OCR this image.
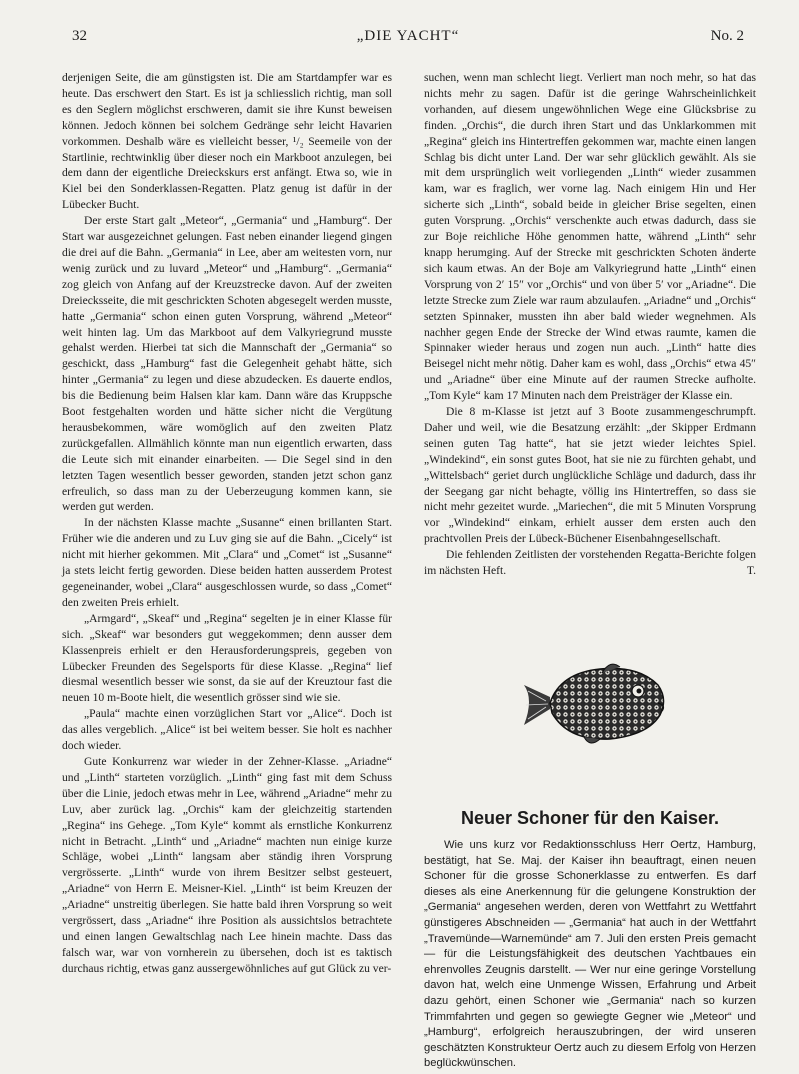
32	„DIE YACHT“	No. 2

derjenigen Seite, die am günstigsten ist. Die am Startdampfer war es heute. Das erschwert den Start. Es ist ja schliesslich richtig, man soll es den Seglern möglichst erschweren, damit sie ihre Kunst beweisen können. Jedoch können bei solchem Gedränge sehr leicht Havarien vorkommen. Deshalb wäre es vielleicht besser, ¹/₂ Seemeile von der Startlinie, rechtwinklig über dieser noch ein Markboot anzulegen, bei dem dann der eigentliche Dreieckskurs erst anfängt. Etwa so, wie in Kiel bei den Sonderklassen-Regatten. Platz genug ist dafür in der Lübecker Bucht.

Der erste Start galt „Meteor“, „Germania“ und „Hamburg“. Der Start war ausgezeichnet gelungen. Fast neben einander liegend gingen die drei auf die Bahn. „Germania“ in Lee, aber am weitesten vorn, nur wenig zurück und zu luvard „Meteor“ und „Hamburg“. „Germania“ zog gleich von Anfang auf der Kreuzstrecke davon. Auf der zweiten Dreiecksseite, die mit geschrickten Schoten abgesegelt werden musste, hatte „Germania“ schon einen guten Vorsprung, während „Meteor“ weit hinten lag. Um das Markboot auf dem Valkyriegrund musste gehalst werden. Hierbei tat sich die Mannschaft der „Germania“ so geschickt, dass „Hamburg“ fast die Gelegenheit gehabt hätte, sich hinter „Germania“ zu legen und diese abzudecken. Es dauerte endlos, bis die Bedienung beim Halsen klar kam. Dann wäre das Kruppsche Boot festgehalten worden und hätte sicher nicht die Vergütung herausbekommen, wäre womöglich auf den zweiten Platz zurückgefallen. Allmählich könnte man nun eigentlich erwarten, dass die Leute sich mit einander einarbeiten. — Die Segel sind in den letzten Tagen wesentlich besser geworden, standen jetzt schon ganz erfreulich, so dass man zu der Ueberzeugung kommen kann, sie werden gut werden.

In der nächsten Klasse machte „Susanne“ einen brillanten Start. Früher wie die anderen und zu Luv ging sie auf die Bahn. „Cicely“ ist nicht mit hierher gekommen. Mit „Clara“ und „Comet“ ist „Susanne“ ja stets leicht fertig geworden. Diese beiden hatten ausserdem Protest gegeneinander, wobei „Clara“ ausgeschlossen wurde, so dass „Comet“ den zweiten Preis erhielt.

„Armgard“, „Skeaf“ und „Regina“ segelten je in einer Klasse für sich. „Skeaf“ war besonders gut weggekommen; denn ausser dem Klassenpreis erhielt er den Herausforderungspreis, gegeben von Lübecker Freunden des Segelsports für diese Klasse. „Regina“ lief diesmal wesentlich besser wie sonst, da sie auf der Kreuztour fast die neuen 10 m-Boote hielt, die wesentlich grösser sind wie sie.

„Paula“ machte einen vorzüglichen Start vor „Alice“. Doch ist das alles vergeblich. „Alice“ ist bei weitem besser. Sie holt es nachher doch wieder.

Gute Konkurrenz war wieder in der Zehner-Klasse. „Ariadne“ und „Linth“ starteten vorzüglich. „Linth“ ging fast mit dem Schuss über die Linie, jedoch etwas mehr in Lee, während „Ariadne“ mehr zu Luv, aber zurück lag. „Orchis“ kam der gleichzeitig startenden „Regina“ ins Gehege. „Tom Kyle“ kommt als ernstliche Konkurrenz nicht in Betracht. „Linth“ und „Ariadne“ machten nun einige kurze Schläge, wobei „Linth“ langsam aber ständig ihren Vorsprung vergrösserte. „Linth“ wurde von ihrem Besitzer selbst gesteuert, „Ariadne“ von Herrn E. Meisner-Kiel. „Linth“ ist beim Kreuzen der „Ariadne“ unstreitig überlegen. Sie hatte bald ihren Vorsprung so weit vergrössert, dass „Ariadne“ ihre Position als aussichtslos betrachtete und einen langen Gewaltschlag nach Lee hinein machte. Dass das falsch war, war von vornherein zu übersehen, doch ist es taktisch durchaus richtig, etwas ganz aussergewöhnliches auf gut Glück zu ver-

suchen, wenn man schlecht liegt. Verliert man noch mehr, so hat das nichts mehr zu sagen. Dafür ist die geringe Wahrscheinlichkeit vorhanden, auf diesem ungewöhnlichen Wege eine Glücksbrise zu finden. „Orchis“, die durch ihren Start und das Unklarkommen mit „Regina“ gleich ins Hintertreffen gekommen war, machte einen langen Schlag bis dicht unter Land. Der war sehr glücklich gewählt. Als sie mit dem ursprünglich weit vorliegenden „Linth“ wieder zusammen kam, war es fraglich, wer vorne lag. Nach einigem Hin und Her sicherte sich „Linth“, sobald beide in gleicher Brise segelten, einen guten Vorsprung. „Orchis“ verschenkte auch etwas dadurch, dass sie zur Boje reichliche Höhe genommen hatte, während „Linth“ sehr knapp herumging. Auf der Strecke mit geschrickten Schoten änderte sich kaum etwas. An der Boje am Valkyriegrund hatte „Linth“ einen Vorsprung von 2′ 15″ vor „Orchis“ und von über 5′ vor „Ariadne“. Die letzte Strecke zum Ziele war raum abzulaufen. „Ariadne“ und „Orchis“ setzten Spinnaker, mussten ihn aber bald wieder wegnehmen. Als nachher gegen Ende der Strecke der Wind etwas raumte, kamen die Spinnaker wieder heraus und zogen nun auch. „Linth“ hatte dies Beisegel nicht mehr nötig. Daher kam es wohl, dass „Orchis“ etwa 45″ und „Ariadne“ über eine Minute auf der raumen Strecke aufholte. „Tom Kyle“ kam 17 Minuten nach dem Preisträger der Klasse ein.

Die 8 m-Klasse ist jetzt auf 3 Boote zusammengeschrumpft. Daher und weil, wie die Besatzung erzählt: „der Skipper Erdmann seinen guten Tag hatte“, hat sie jetzt wieder leichtes Spiel. „Windekind“, ein sonst gutes Boot, hat sie nie zu fürchten gehabt, und „Wittelsbach“ geriet durch unglückliche Schläge und dadurch, dass ihr der Seegang gar nicht behagte, völlig ins Hintertreffen, so dass sie nicht mehr gezeitet wurde. „Mariechen“, die mit 5 Minuten Vorsprung vor „Windekind“ einkam, erhielt ausser dem ersten auch den prachtvollen Preis der Lübeck-Büchener Eisenbahngesellschaft.

Die fehlenden Zeitlisten der vorstehenden Regatta-Berichte folgen im nächsten Heft.	T.

Neuer Schoner für den Kaiser.

Wie uns kurz vor Redaktionsschluss Herr Oertz, Hamburg, bestätigt, hat Se. Maj. der Kaiser ihn beauftragt, einen neuen Schoner für die grosse Schonerklasse zu entwerfen. Es darf dieses als eine Anerkennung für die gelungene Konstruktion der „Germania“ angesehen werden, deren von Wettfahrt zu Wettfahrt günstigeres Abschneiden — „Germania“ hat auch in der Wettfahrt „Travemünde—Warnemünde“ am 7. Juli den ersten Preis gemacht — für die Leistungsfähigkeit des deutschen Yachtbaues ein ehrenvolles Zeugnis darstellt. — Wer nur eine geringe Vorstellung davon hat, welch eine Unmenge Wissen, Erfahrung und Arbeit dazu gehört, einen Schoner wie „Germania“ nach so kurzen Trimmfahrten und gegen so gewiegte Gegner wie „Meteor“ und „Hamburg“, erfolgreich herauszubringen, der wird unseren geschätzten Konstrukteur Oertz auch zu diesem Erfolg von Herzen beglückwünschen.
